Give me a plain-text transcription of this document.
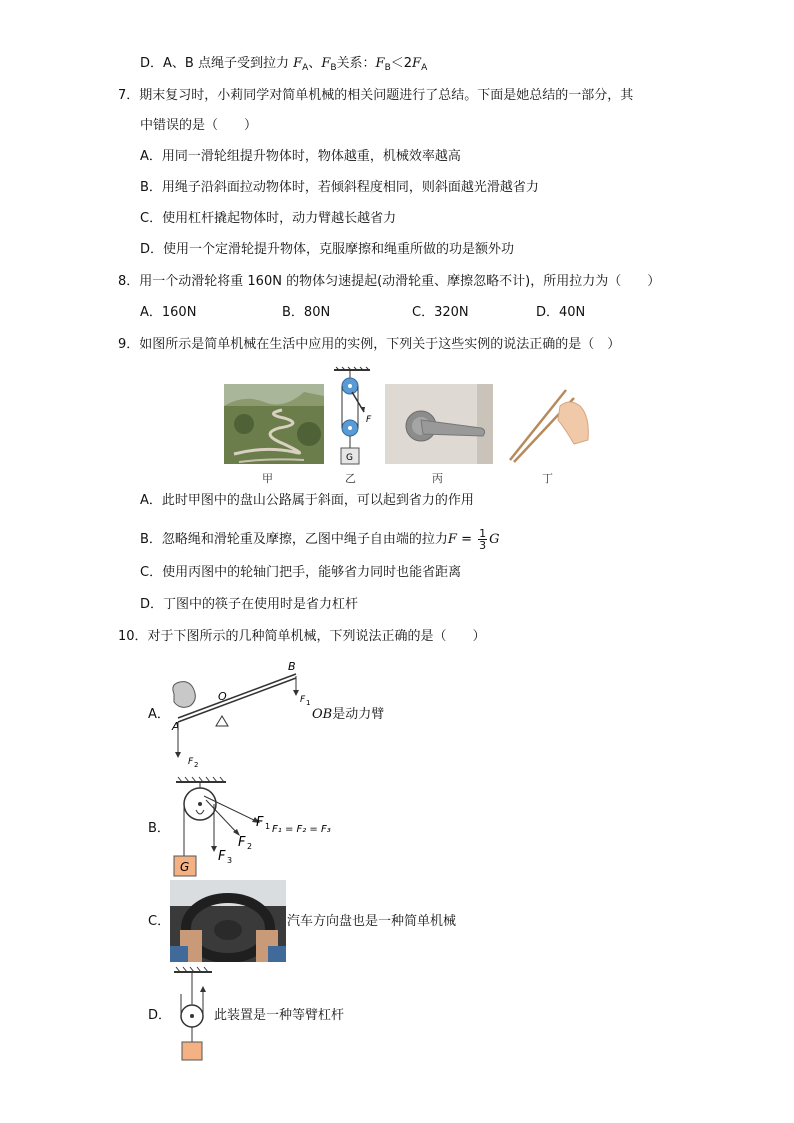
D．A、B 点绳子受到拉力 $F_A$、$F_B$关系：$F_B<2F_A$
7．期末复习时，小莉同学对简单机械的相关问题进行了总结。下面是她总结的一部分，其
中错误的是（　　）
A．用同一滑轮组提升物体时，物体越重，机械效率越高
B．用绳子沿斜面拉动物体时，若倾斜程度相同，则斜面越光滑越省力
C．使用杠杆撬起物体时，动力臂越长越省力
D．使用一个定滑轮提升物体，克服摩擦和绳重所做的功是额外功
8．用一个动滑轮将重 160N 的物体匀速提起(动滑轮重、摩擦忽略不计)，所用拉力为（　　）
A．160N	B．80N	C．320N	D．40N
9．如图所示是简单机械在生活中应用的实例，下列关于这些实例的说法正确的是（　）
F
G
甲	乙	丙	丁
A．此时甲图中的盘山公路属于斜面，可以起到省力的作用
B．忽略绳和滑轮重及摩擦，乙图中绳子自由端的拉力$F = \frac{1}{3}$ G
C．使用丙图中的轮轴门把手，能够省力同时也能省距离
D．丁图中的筷子在使用时是省力杠杆
10．对于下图所示的几种简单机械，下列说法正确的是（　　）
A．
O
A
B
F 1
F 2
OB是动力臂
B．	F 1
F 2
F 3
G
F₁ = F₂ = F₃
C．	汽车方向盘也是一种简单机械
D．	此装置是一种等臂杠杆
